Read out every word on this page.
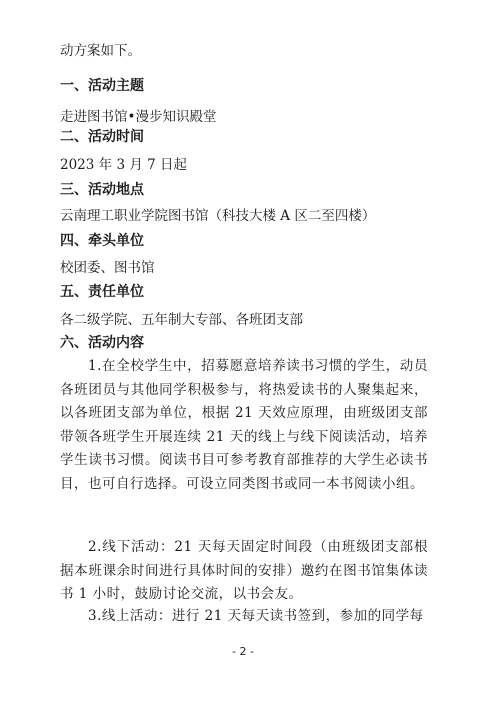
动方案如下。
一、活动主题
走进图书馆•漫步知识殿堂
二、活动时间
2023 年 3 月 7 日起
三、活动地点
云南理工职业学院图书馆（科技大楼 A 区二至四楼）
四、牵头单位
校团委、图书馆
五、责任单位
各二级学院、五年制大专部、各班团支部
六、活动内容
1.在全校学生中，招募愿意培养读书习惯的学生，动员各班团员与其他同学积极参与，将热爱读书的人聚集起来，以各班团支部为单位，根据 21 天效应原理，由班级团支部带领各班学生开展连续 21 天的线上与线下阅读活动，培养学生读书习惯。阅读书目可参考教育部推荐的大学生必读书目，也可自行选择。可设立同类图书或同一本书阅读小组。
2.线下活动：21 天每天固定时间段（由班级团支部根据本班课余时间进行具体时间的安排）邀约在图书馆集体读书 1 小时，鼓励讨论交流，以书会友。
3.线上活动：进行 21 天每天读书签到，参加的同学每
- 2 -
